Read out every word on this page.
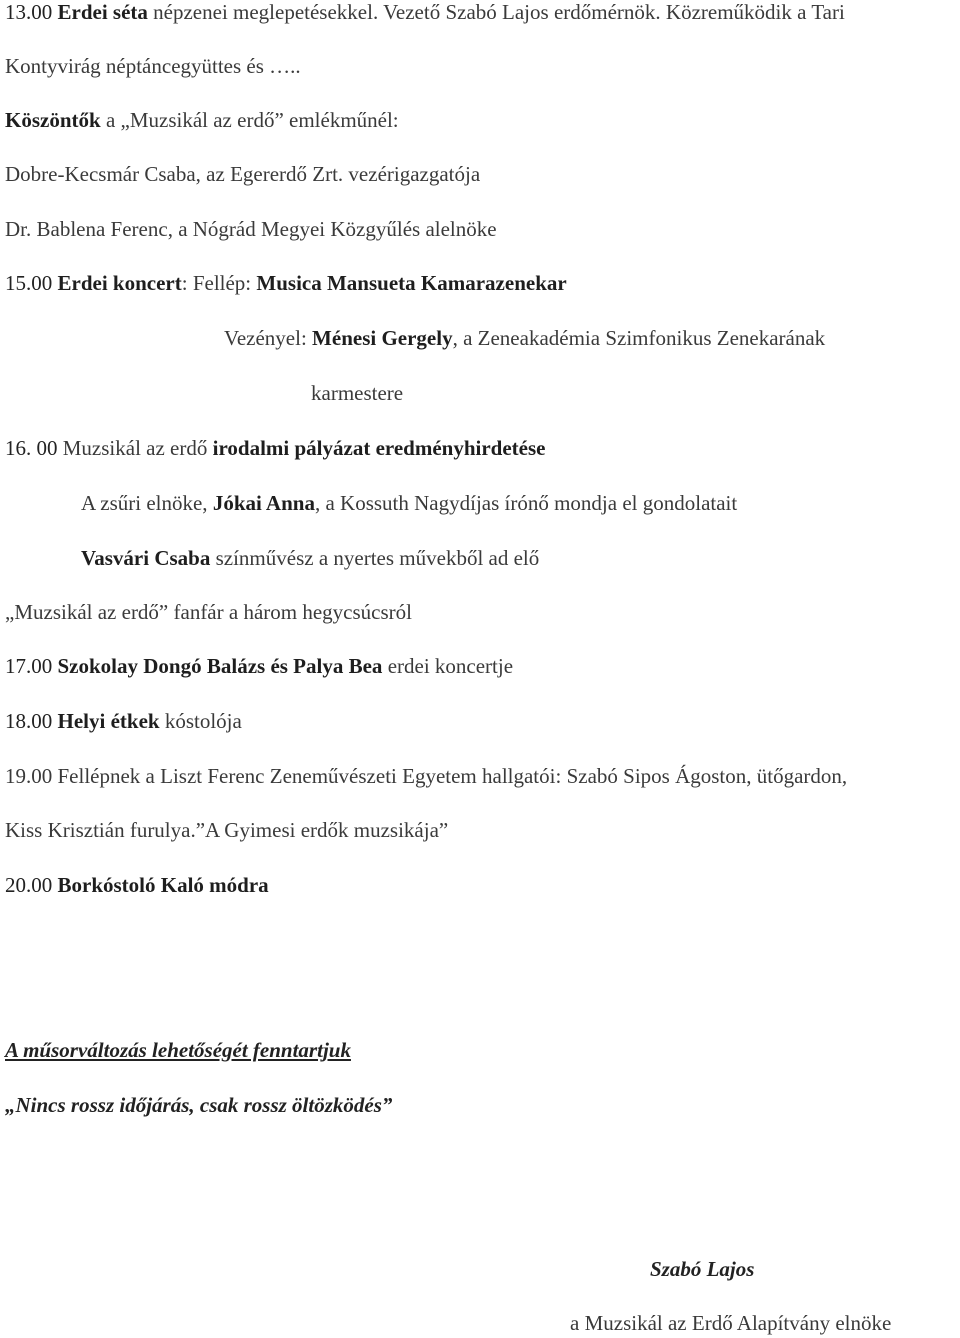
13.00 Erdei séta népzenei meglepetésekkel. Vezető Szabó Lajos erdőmérnök. Közreműködik a Tari
Kontyvirág néptáncegyüttes és …..
Köszöntők a „Muzsikál az erdő” emlékműnél:
Dobre-Kecsmár Csaba, az Egererdő Zrt. vezérigazgatója
Dr. Bablena Ferenc, a Nógrád Megyei Közgyűlés alelnöke
15.00 Erdei koncert: Fellép: Musica Mansueta Kamarazenekar
Vezényel: Ménesi Gergely, a Zeneakadémia Szimfonikus Zenekarának
karmestere
16. 00 Muzsikál az erdő irodalmi pályázat eredményhirdetése
A zsűri elnöke, Jókai Anna, a Kossuth Nagydíjas írónő mondja el gondolatait
Vasvári Csaba színművész a nyertes művekből ad elő
„Muzsikál az erdő” fanfár a három hegycsúcsról
17.00 Szokolay Dongó Balázs és Palya Bea erdei koncertje
18.00 Helyi étkek kóstolója
19.00 Fellépnek a Liszt Ferenc Zeneművészeti Egyetem hallgatói: Szabó Sipos Ágoston, ütőgardon,
Kiss Krisztián furulya.”A Gyimesi erdők muzsikája”
20.00 Borkóstoló Kaló módra
A műsorváltozás lehetőségét fenntartjuk
„Nincs rossz időjárás, csak rossz öltözködés”
Szabó Lajos
a Muzsikál az Erdő Alapítvány elnöke
